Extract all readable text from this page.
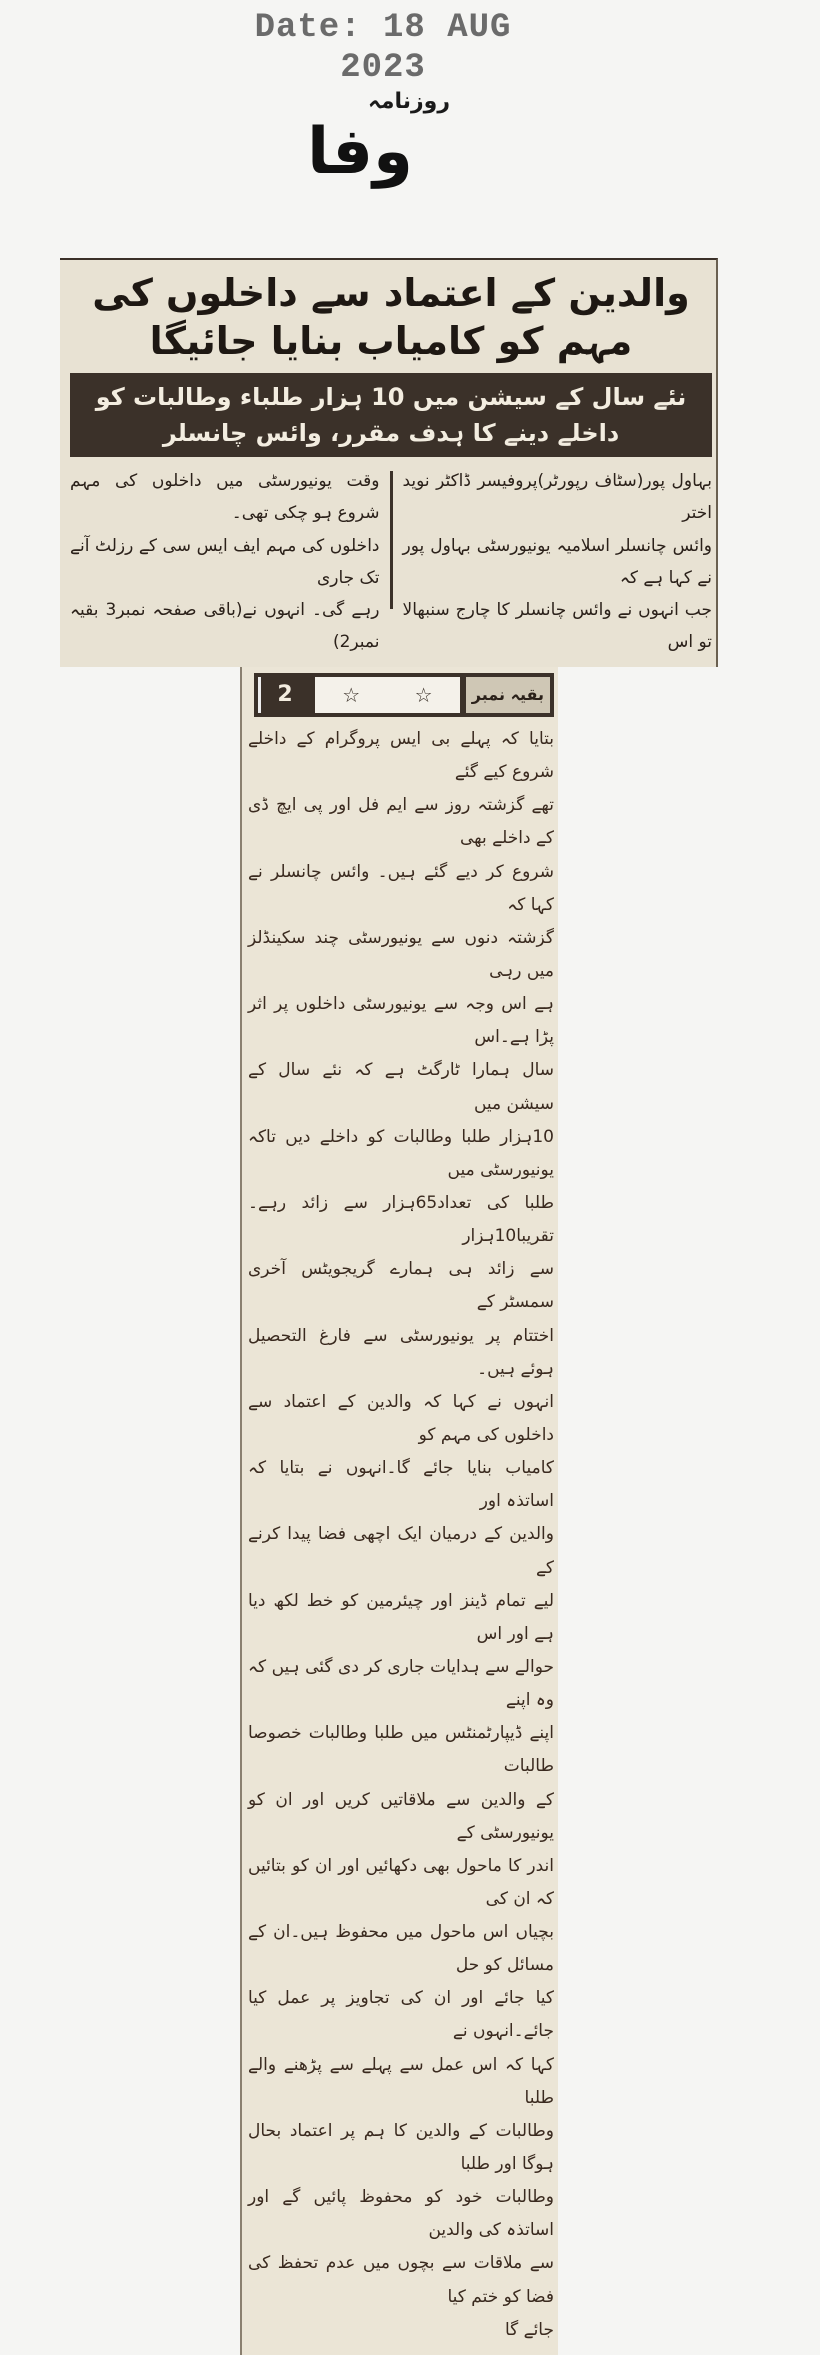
Date: 18 AUG 2023
روزنامہ
وفا
والدین کے اعتماد سے داخلوں کی مہم کو کامیاب بنایا جائیگا
نئے سال کے سیشن میں 10 ہزار طلباء وطالبات کو داخلے دینے کا ہدف مقرر، وائس چانسلر
بہاول پور(سٹاف رپورٹر)پروفیسر ڈاکٹر نوید اختر
وائس چانسلر اسلامیہ یونیورسٹی بہاول پور نے کہا ہے کہ
جب انہوں نے وائس چانسلر کا چارج سنبھالا تو اس
وقت یونیورسٹی میں داخلوں کی مہم شروع ہو چکی تھی۔
داخلوں کی مہم ایف ایس سی کے رزلٹ آنے تک جاری
رہے گی۔ انہوں نے(باقی صفحہ نمبر3 بقیہ نمبر2)
2	☆	☆	بقیہ نمبر
بتایا کہ پہلے بی ایس پروگرام کے داخلے شروع کیے گئے
تھے گزشتہ روز سے ایم فل اور پی ایچ ڈی کے داخلے بھی
شروع کر دیے گئے ہیں۔ وائس چانسلر نے کہا کہ
گزشتہ دنوں سے یونیورسٹی چند سکینڈلز میں رہی
ہے اس وجہ سے یونیورسٹی داخلوں پر اثر پڑا ہے۔اس
سال ہمارا ٹارگٹ ہے کہ نئے سال کے سیشن میں
10ہزار طلبا وطالبات کو داخلے دیں تاکہ یونیورسٹی میں
طلبا کی تعداد65ہزار سے زائد رہے۔تقریبا10ہزار
سے زائد ہی ہمارے گریجویٹس آخری سمسٹر کے
اختتام پر یونیورسٹی سے فارغ التحصیل ہوئے ہیں۔
انہوں نے کہا کہ والدین کے اعتماد سے داخلوں کی مہم کو
کامیاب بنایا جائے گا۔انہوں نے بتایا کہ اساتذہ اور
والدین کے درمیان ایک اچھی فضا پیدا کرنے کے
لیے تمام ڈینز اور چیئرمین کو خط لکھ دیا ہے اور اس
حوالے سے ہدایات جاری کر دی گئی ہیں کہ وہ اپنے
اپنے ڈیپارٹمنٹس میں طلبا وطالبات خصوصا طالبات
کے والدین سے ملاقاتیں کریں اور ان کو یونیورسٹی کے
اندر کا ماحول بھی دکھائیں اور ان کو بتائیں کہ ان کی
بچیاں اس ماحول میں محفوظ ہیں۔ان کے مسائل کو حل
کیا جائے اور ان کی تجاویز پر عمل کیا جائے۔انہوں نے
کہا کہ اس عمل سے پہلے سے پڑھنے والے طلبا
وطالبات کے والدین کا ہم پر اعتماد بحال ہوگا اور طلبا
وطالبات خود کو محفوظ پائیں گے اور اساتذہ کی والدین
سے ملاقات سے بچوں میں عدم تحفظ کی فضا کو ختم کیا
جائے گا
